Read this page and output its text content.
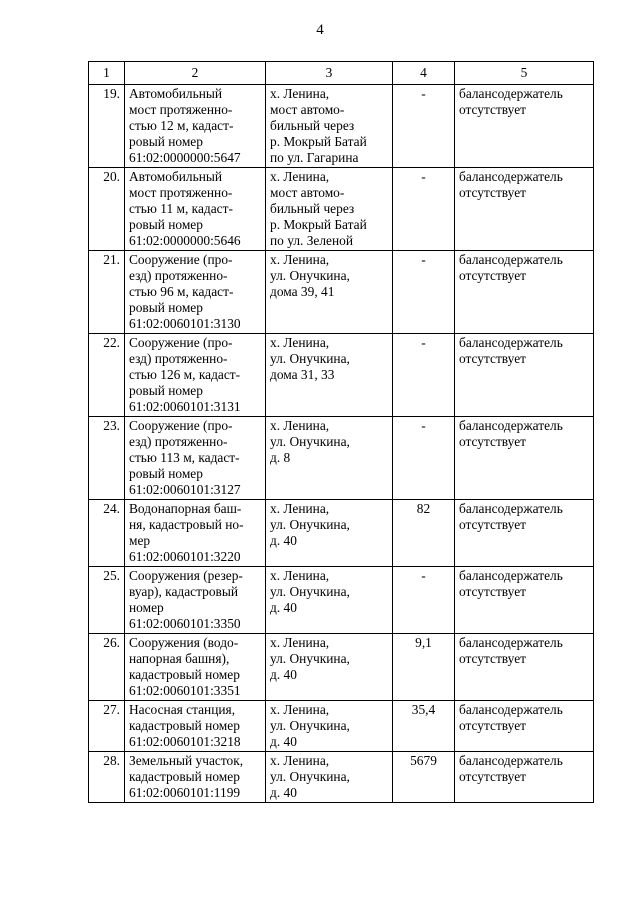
4
1	2	3	4	5
19.	Автомобильный
мост протяженно-
стью 12 м, кадаст-
ровый номер
61:02:0000000:5647	х. Ленина,
мост автомо-
бильный через
р. Мокрый Батай
по ул. Гагарина	-	балансодержатель
отсутствует

20.	Автомобильный
мост протяженно-
стью 11 м, кадаст-
ровый номер
61:02:0000000:5646	х. Ленина,
мост автомо-
бильный через
р. Мокрый Батай
по ул. Зеленой	-	балансодержатель
отсутствует

21.	Сооружение (про-
езд) протяженно-
стью 96 м, кадаст-
ровый номер
61:02:0060101:3130	х. Ленина,
ул. Онучкина,
дома 39, 41	-	балансодержатель
отсутствует

22.	Сооружение (про-
езд) протяженно-
стью 126 м, кадаст-
ровый номер
61:02:0060101:3131	х. Ленина,
ул. Онучкина,
дома 31, 33	-	балансодержатель
отсутствует

23.	Сооружение (про-
езд) протяженно-
стью 113 м, кадаст-
ровый номер
61:02:0060101:3127	х. Ленина,
ул. Онучкина,
д. 8	-	балансодержатель
отсутствует

24.	Водонапорная баш-
ня, кадастровый но-
мер
61:02:0060101:3220	х. Ленина,
ул. Онучкина,
д. 40	82	балансодержатель
отсутствует

25.	Сооружения (резер-
вуар), кадастровый
номер
61:02:0060101:3350	х. Ленина,
ул. Онучкина,
д. 40	-	балансодержатель
отсутствует

26.	Сооружения (водо-
напорная башня),
кадастровый номер
61:02:0060101:3351	х. Ленина,
ул. Онучкина,
д. 40	9,1	балансодержатель
отсутствует

27.	Насосная станция,
кадастровый номер
61:02:0060101:3218	х. Ленина,
ул. Онучкина,
д. 40	35,4	балансодержатель
отсутствует

28.	Земельный участок,
кадастровый номер
61:02:0060101:1199	х. Ленина,
ул. Онучкина,
д. 40	5679	балансодержатель
отсутствует
